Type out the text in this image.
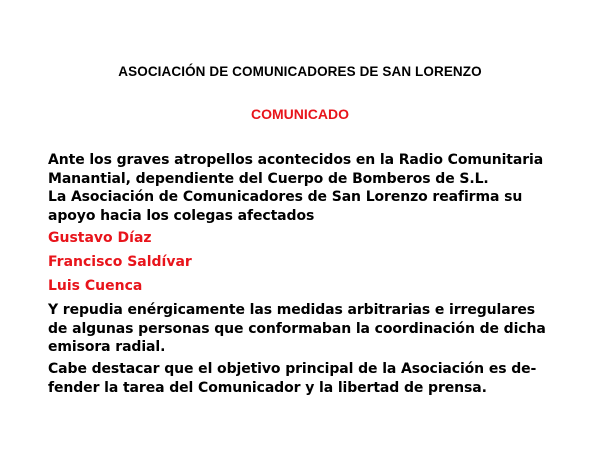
ASOCIACIÓN DE COMUNICADORES DE SAN LORENZO
COMUNICADO
Ante los graves atropellos acontecidos en la Radio Comunitaria
Manantial, dependiente del Cuerpo de Bomberos de S.L.
La Asociación de Comunicadores de San Lorenzo reafirma su
apoyo hacia los colegas afectados
Gustavo Díaz
Francisco Saldívar
Luis Cuenca
Y repudia enérgicamente las medidas arbitrarias e irregulares
de algunas personas que conformaban la coordinación de dicha
emisora radial.
Cabe destacar que el objetivo principal de la Asociación es de-
fender la tarea del Comunicador y la libertad de prensa.
